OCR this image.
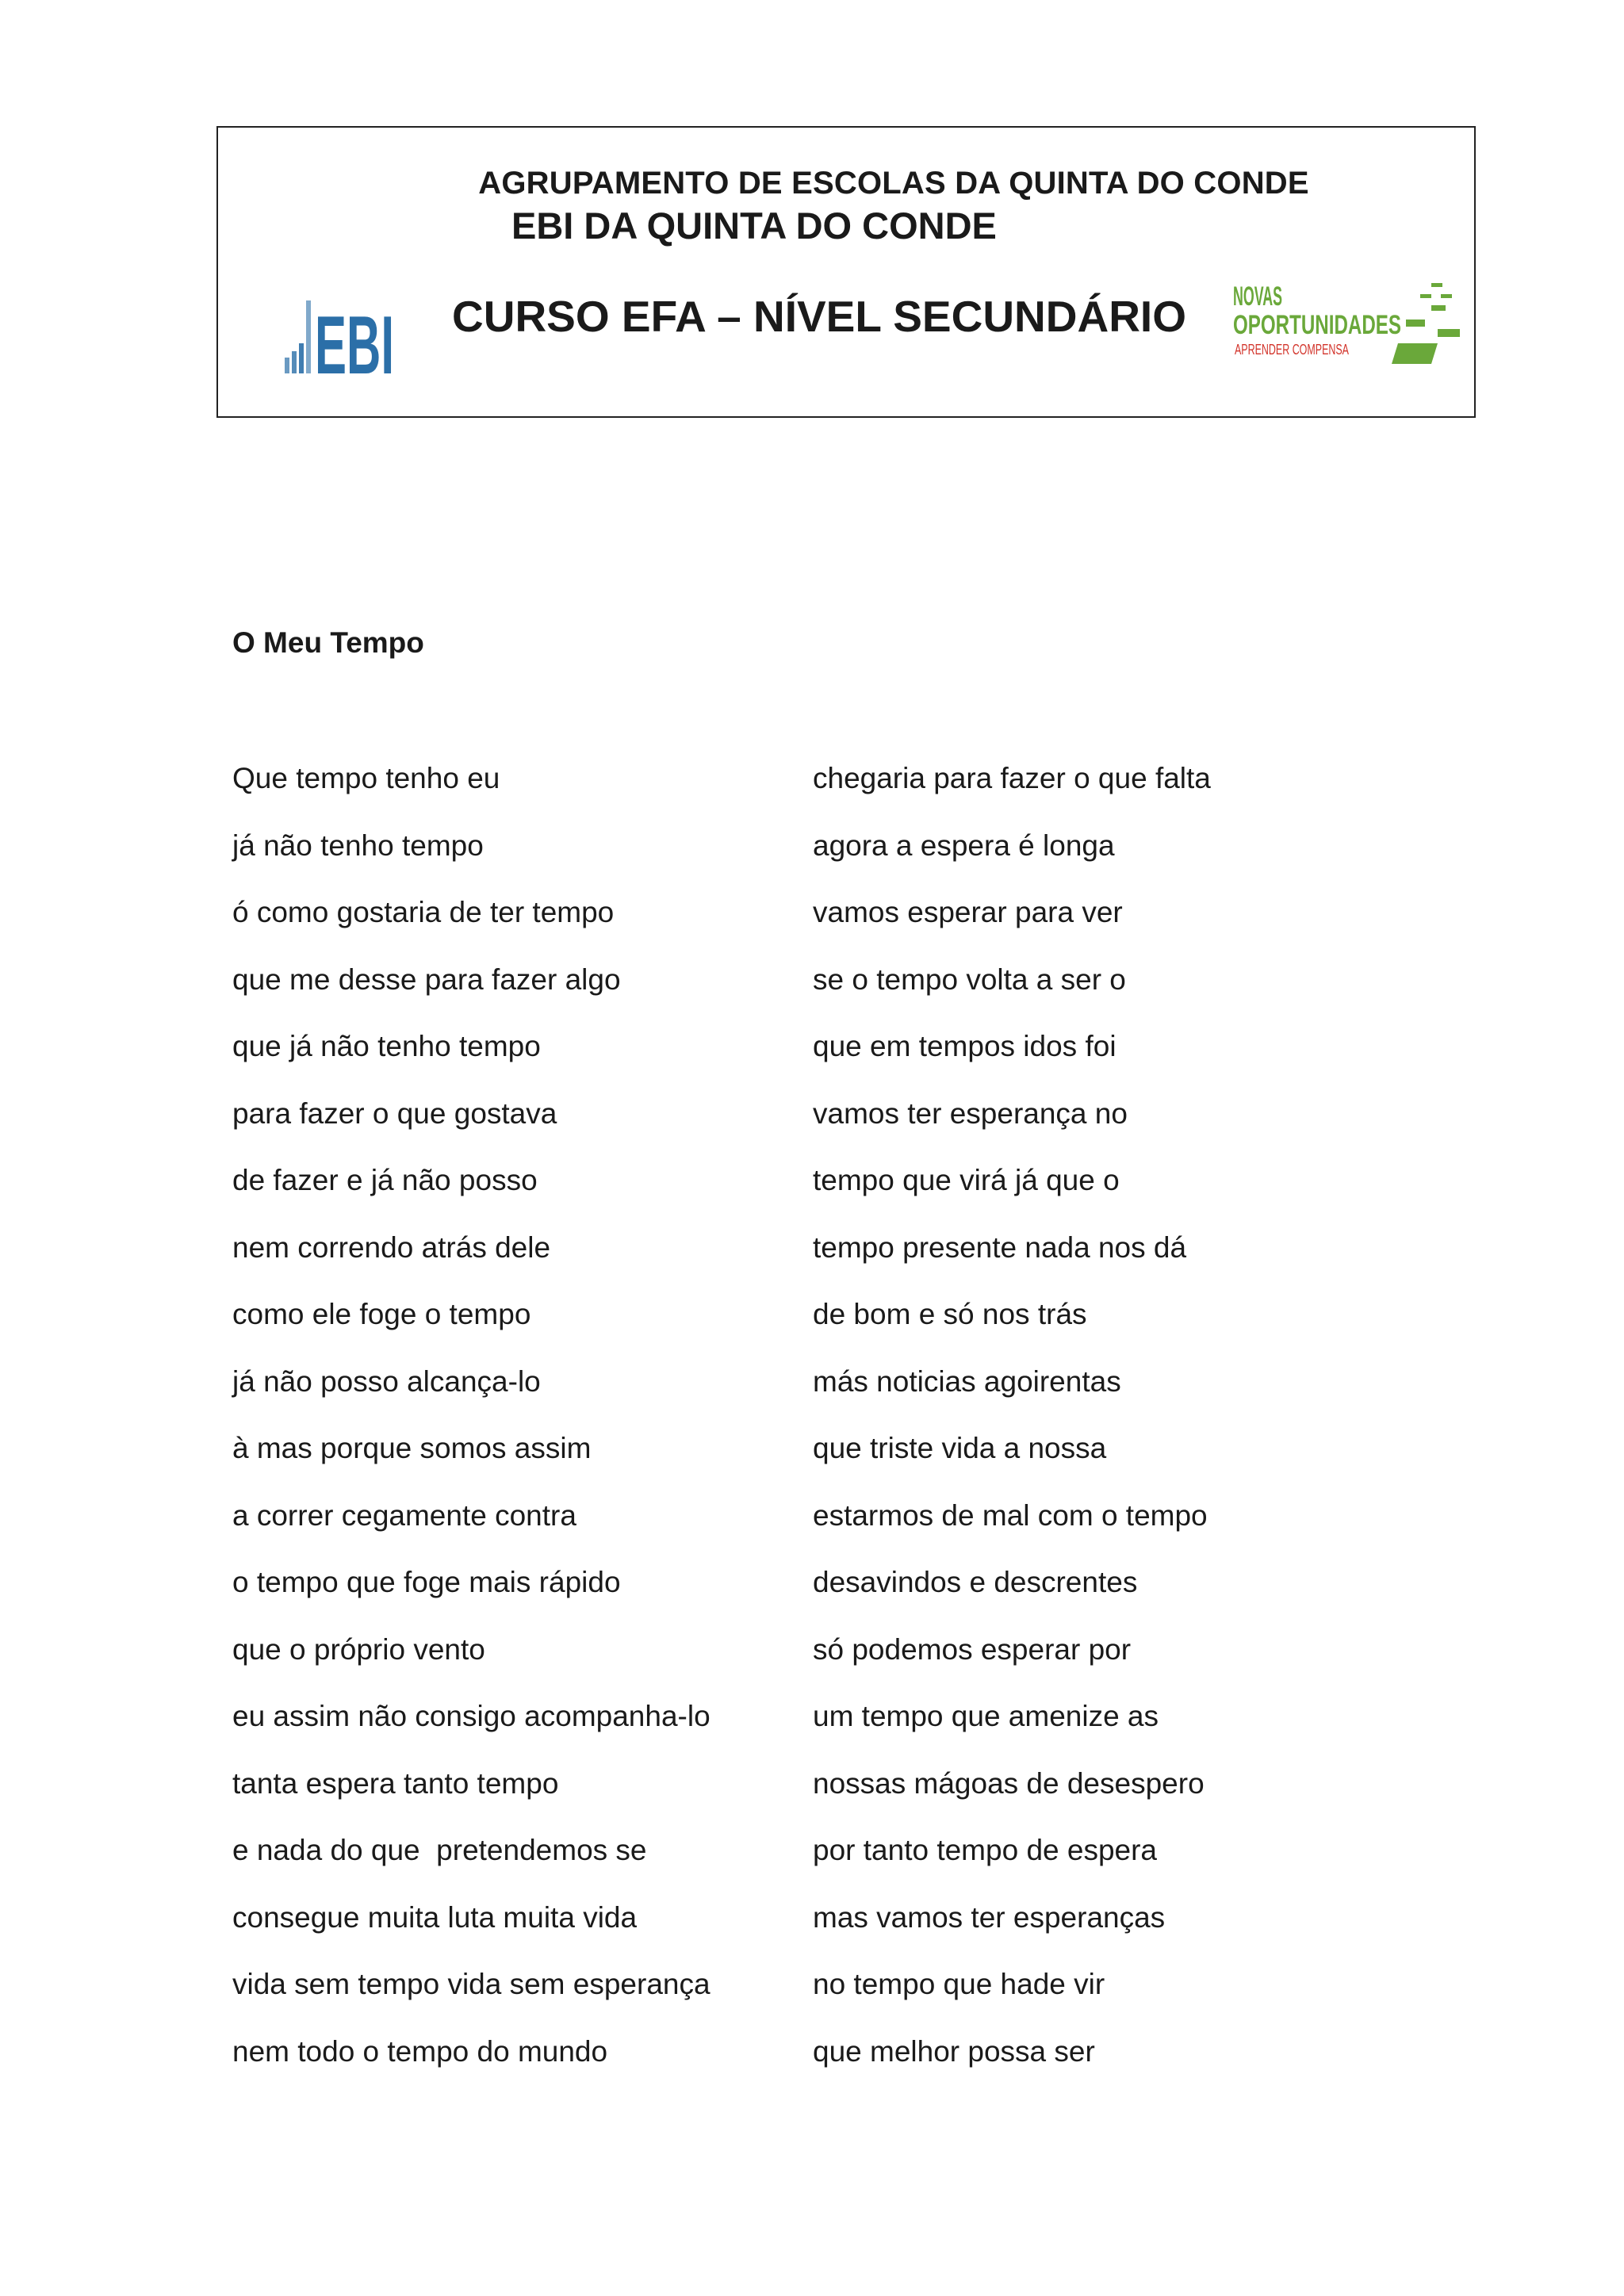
AGRUPAMENTO DE ESCOLAS DA QUINTA DO CONDE
EBI DA QUINTA DO CONDE
EBI CURSO EFA – NÍVEL SECUNDÁRIO NOVAS
OPORTUNIDADES
APRENDER COMPENSA
O Meu Tempo
Que tempo tenho eu
já não tenho tempo
ó como gostaria de ter tempo
que me desse para fazer algo
que já não tenho tempo
para fazer o que gostava
de fazer e já não posso
nem correndo atrás dele
como ele foge o tempo
já não posso alcança-lo
à mas porque somos assim
a correr cegamente contra
o tempo que foge mais rápido
que o próprio vento
eu assim não consigo acompanha-lo
tanta espera tanto tempo
e nada do que  pretendemos se
consegue muita luta muita vida
vida sem tempo vida sem esperança
nem todo o tempo do mundo
chegaria para fazer o que falta
agora a espera é longa
vamos esperar para ver
se o tempo volta a ser o
que em tempos idos foi
vamos ter esperança no
tempo que virá já que o
tempo presente nada nos dá
de bom e só nos trás
más noticias agoirentas
que triste vida a nossa
estarmos de mal com o tempo
desavindos e descrentes
só podemos esperar por
um tempo que amenize as
nossas mágoas de desespero
por tanto tempo de espera
mas vamos ter esperanças
no tempo que hade vir
que melhor possa ser
